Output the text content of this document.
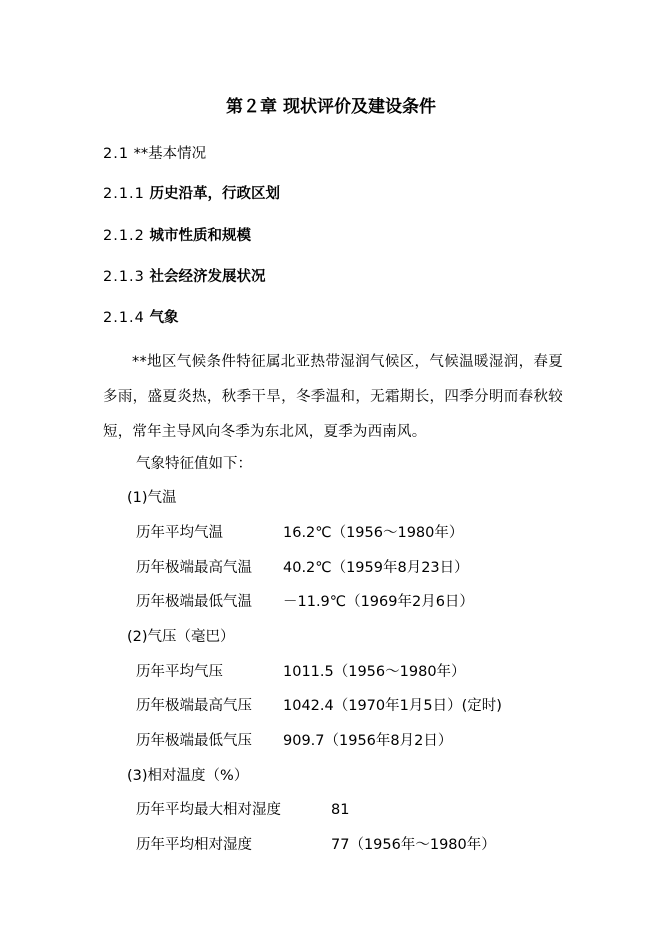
第２章 现状评价及建设条件
2.1 **基本情况
2.1.1 历史沿革，行政区划
2.1.2 城市性质和规模
2.1.3 社会经济发展状况
2.1.4 气象
**地区气候条件特征属北亚热带湿润气候区，气候温暖湿润，春夏多雨，盛夏炎热，秋季干旱，冬季温和，无霜期长，四季分明而春秋较短，常年主导风向冬季为东北风，夏季为西南风。
气象特征值如下：
(1)气温
历年平均气温	16.2℃（1956～1980年）
历年极端最高气温 40.2℃（1959年8月23日）
历年极端最低气温 －11.9℃（1969年2月6日）
(2)气压（毫巴）
历年平均气压	1011.5（1956～1980年）
历年极端最高气压 1042.4（1970年1月5日）(定时)
历年极端最低气压 909.7（1956年8月2日）
(3)相对温度（%）
历年平均最大相对湿度	81
历年平均相对湿度	77（1956年～1980年）
